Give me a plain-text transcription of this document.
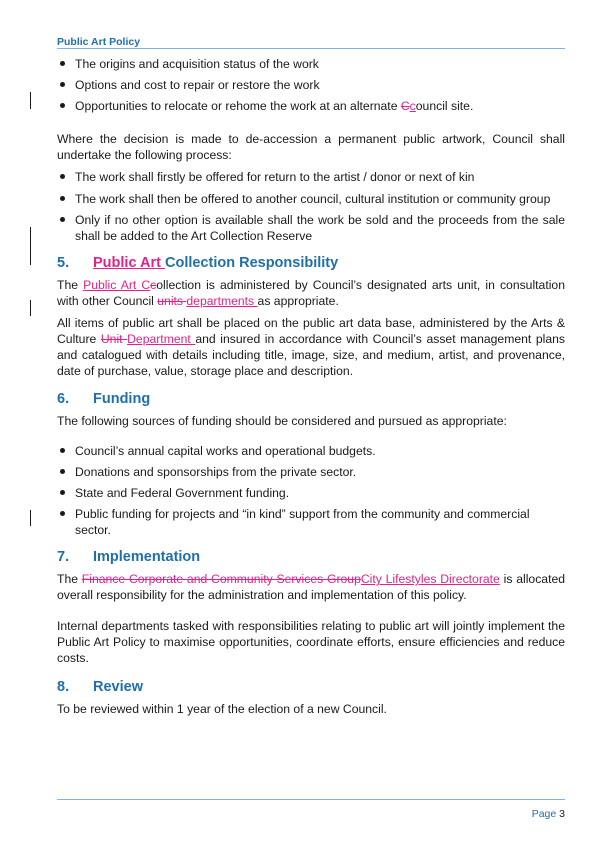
Public Art Policy
The origins and acquisition status of the work
Options and cost to repair or restore the work
Opportunities to relocate or rehome the work at an alternate Ccouncil site.

Where the decision is made to de-accession a permanent public artwork, Council shall undertake the following process:

The work shall firstly be offered for return to the artist / donor or next of kin
The work shall then be offered to another council, cultural institution or community group
Only if no other option is available shall the work be sold and the proceeds from the sale shall be added to the Art Collection Reserve
5. Public Art Collection Responsibility

The Public Art Ccollection is administered by Council’s designated arts unit, in consultation with other Council units departments as appropriate.

All items of public art shall be placed on the public art data base, administered by the Arts & Culture Unit Department and insured in accordance with Council’s asset management plans and catalogued with details including title, image, size, and medium, artist, and provenance, date of purchase, value, storage place and description.

6. Funding

The following sources of funding should be considered and pursued as appropriate:

Council’s annual capital works and operational budgets.
Donations and sponsorships from the private sector.
State and Federal Government funding.
Public funding for projects and “in kind” support from the community and commercial sector.
7. Implementation

The Finance Corporate and Community Services GroupCity Lifestyles Directorate is allocated overall responsibility for the administration and implementation of this policy.

Internal departments tasked with responsibilities relating to public art will jointly implement the Public Art Policy to maximise opportunities, coordinate efforts, ensure efficiencies and reduce costs.

8. Review

To be reviewed within 1 year of the election of a new Council.

Page 3
